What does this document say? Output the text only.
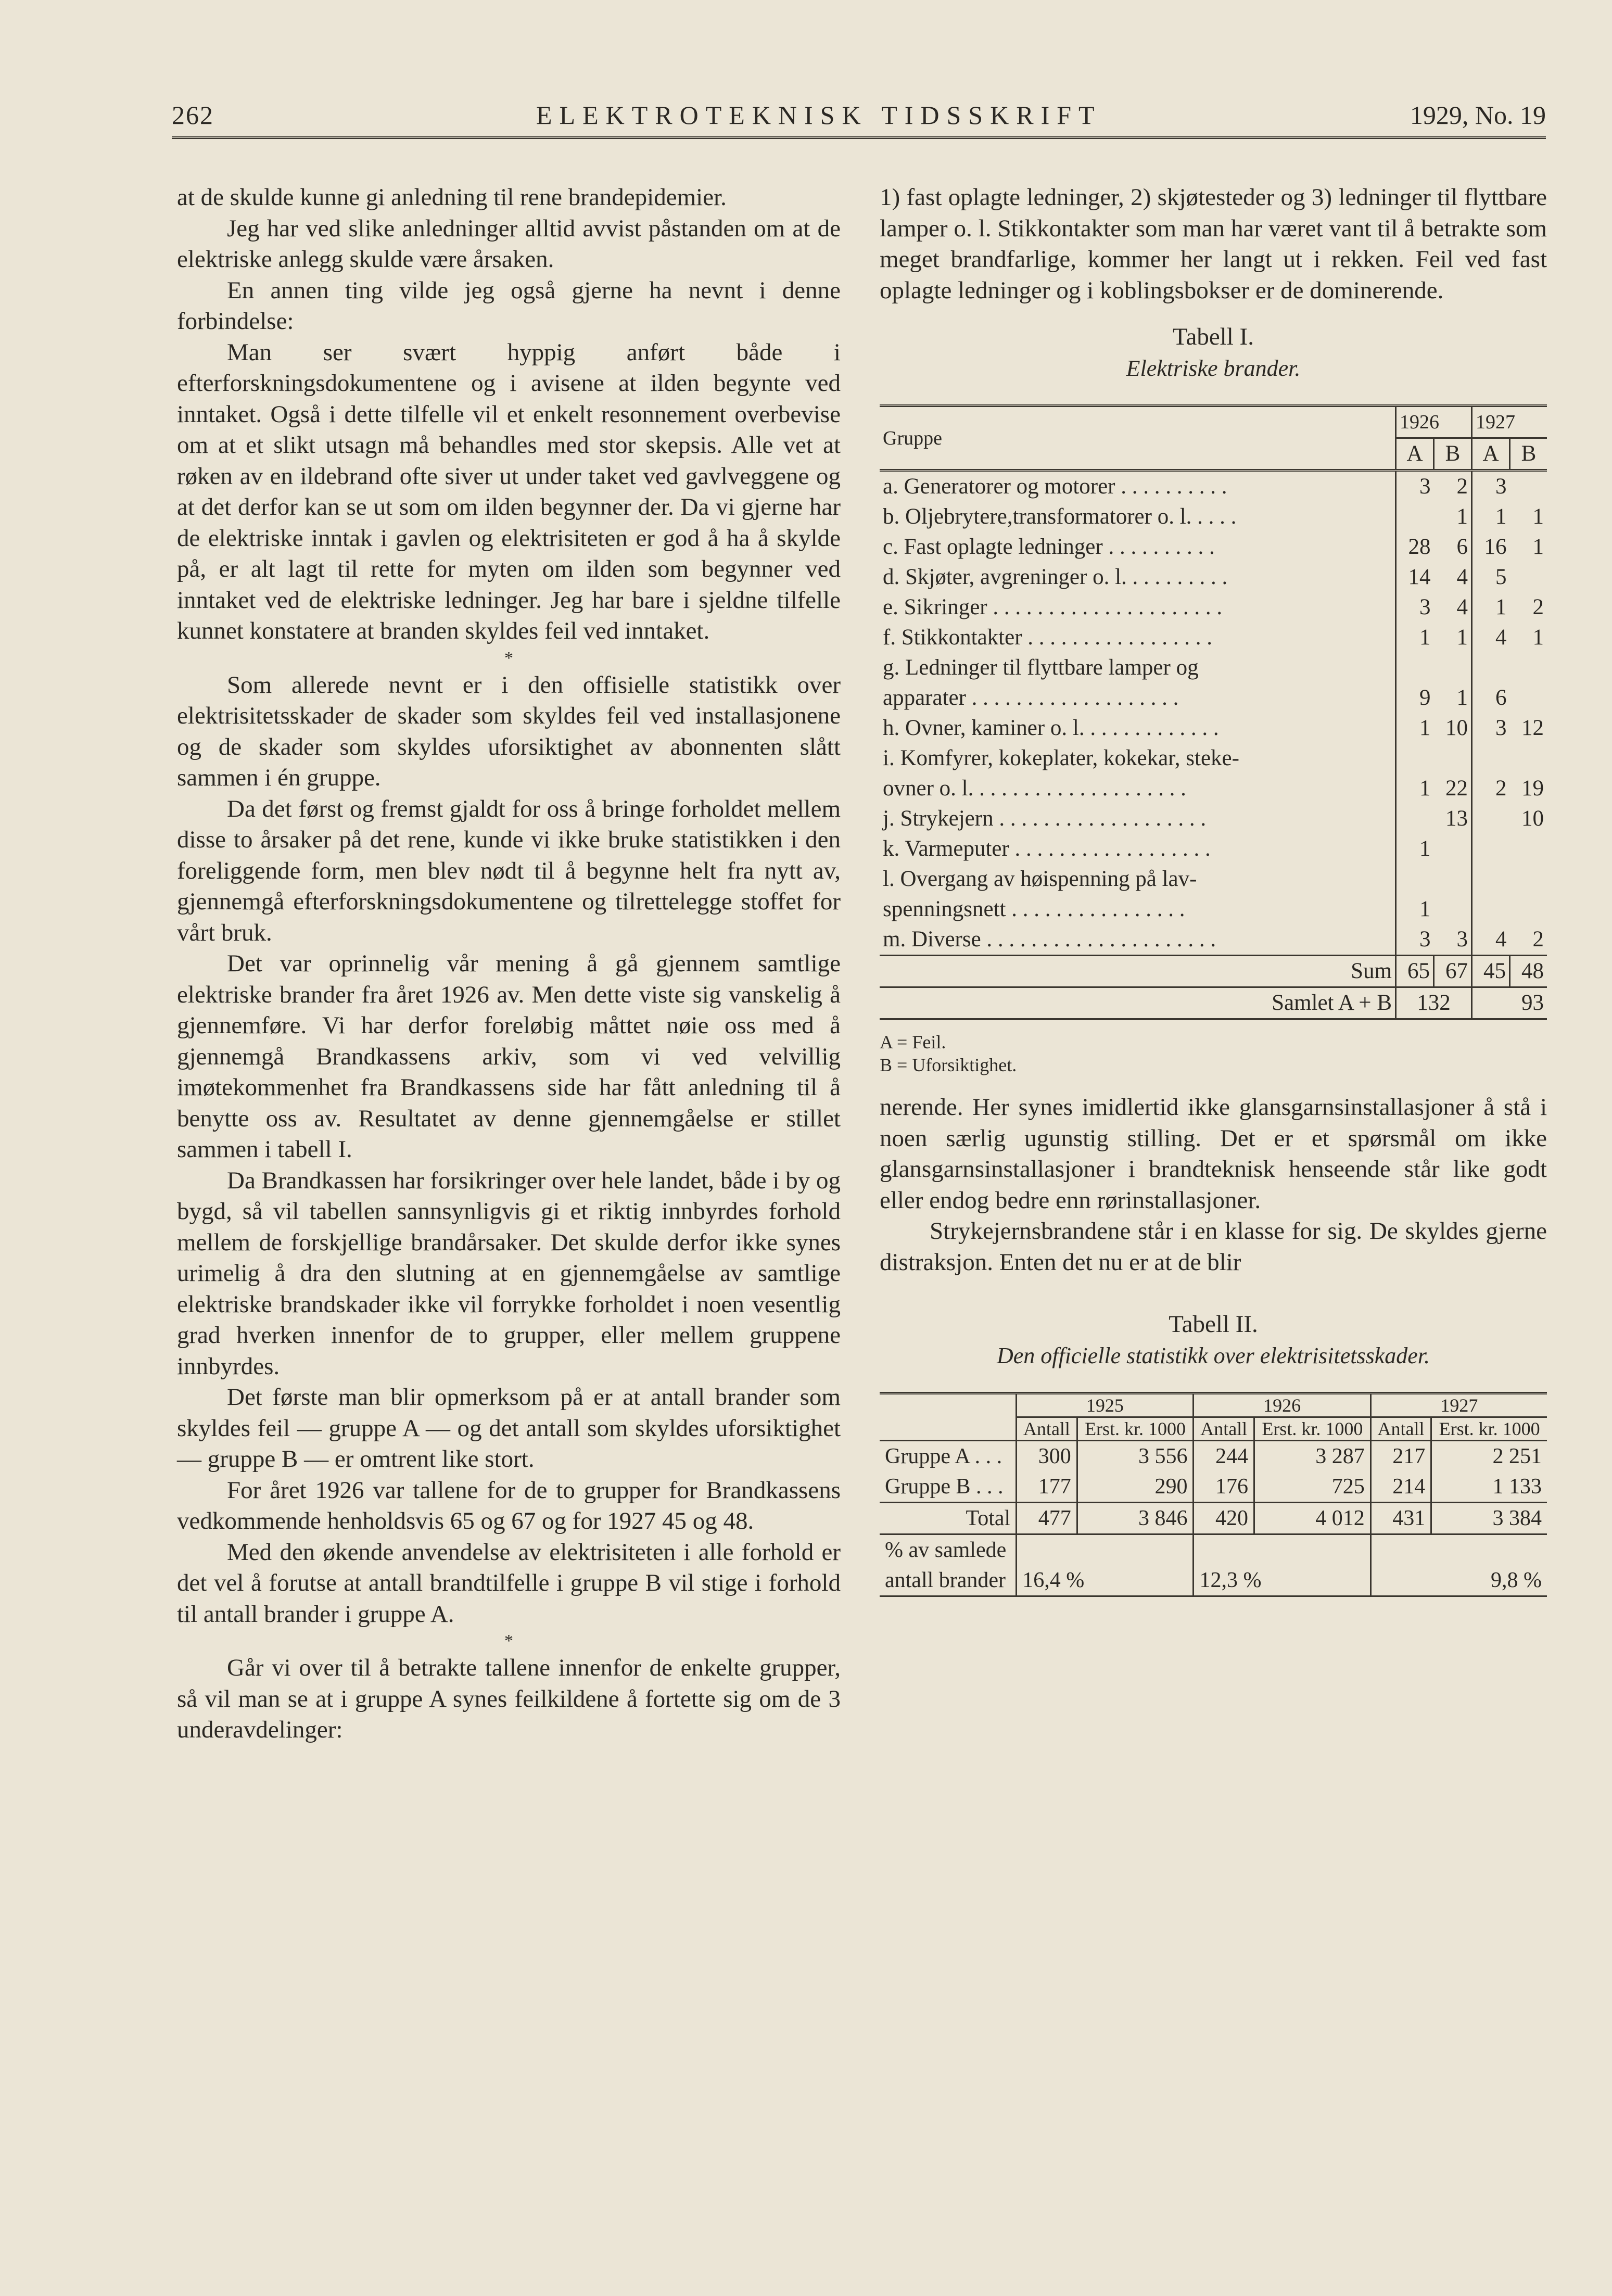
262	ELEKTROTEKNISK TIDSSKRIFT	1929, No. 19

at de skulde kunne gi anledning til rene brandepidemier.

Jeg har ved slike anledninger alltid avvist påstanden om at de elektriske anlegg skulde være årsaken.

En annen ting vilde jeg også gjerne ha nevnt i denne forbindelse:

Man ser svært hyppig anført både i efterforskningsdokumentene og i avisene at ilden begynte ved inntaket. Også i dette tilfelle vil et enkelt resonnement overbevise om at et slikt utsagn må behandles med stor skepsis. Alle vet at røken av en ildebrand ofte siver ut under taket ved gavlveggene og at det derfor kan se ut som om ilden begynner der. Da vi gjerne har de elektriske inntak i gavlen og elektrisiteten er god å ha å skylde på, er alt lagt til rette for myten om ilden som begynner ved inntaket ved de elektriske ledninger. Jeg har bare i sjeldne tilfelle kunnet konstatere at branden skyldes feil ved inntaket.

*

Som allerede nevnt er i den offisielle statistikk over elektrisitetsskader de skader som skyldes feil ved installasjonene og de skader som skyldes uforsiktighet av abonnenten slått sammen i én gruppe.

Da det først og fremst gjaldt for oss å bringe forholdet mellem disse to årsaker på det rene, kunde vi ikke bruke statistikken i den foreliggende form, men blev nødt til å begynne helt fra nytt av, gjennemgå efterforskningsdokumentene og tilrettelegge stoffet for vårt bruk.

Det var oprinnelig vår mening å gå gjennem samtlige elektriske brander fra året 1926 av. Men dette viste sig vanskelig å gjennemføre. Vi har derfor foreløbig måttet nøie oss med å gjennemgå Brandkassens arkiv, som vi ved velvillig imøtekommenhet fra Brandkassens side har fått anledning til å benytte oss av. Resultatet av denne gjennemgåelse er stillet sammen i tabell I.

Da Brandkassen har forsikringer over hele landet, både i by og bygd, så vil tabellen sannsynligvis gi et riktig innbyrdes forhold mellem de forskjellige brandårsaker. Det skulde derfor ikke synes urimelig å dra den slutning at en gjennemgåelse av samtlige elektriske brandskader ikke vil forrykke forholdet i noen vesentlig grad hverken innenfor de to grupper, eller mellem gruppene innbyrdes.

Det første man blir opmerksom på er at antall brander som skyldes feil — gruppe A — og det antall som skyldes uforsiktighet — gruppe B — er omtrent like stort.

For året 1926 var tallene for de to grupper for Brandkassens vedkommende henholdsvis 65 og 67 og for 1927 45 og 48.

Med den økende anvendelse av elektrisiteten i alle forhold er det vel å forutse at antall brandtilfelle i gruppe B vil stige i forhold til antall brander i gruppe A.

*

Går vi over til å betrakte tallene innenfor de enkelte grupper, så vil man se at i gruppe A synes feilkildene å fortette sig om de 3 underavdelinger:

1) fast oplagte ledninger, 2) skjøtesteder og 3) ledninger til flyttbare lamper o. l. Stikkontakter som man har været vant til å betrakte som meget brandfarlige, kommer her langt ut i rekken. Feil ved fast oplagte ledninger og i koblingsbokser er de dominerende.

Tabell I.
Elektriske brander.
Gruppe	1926		1927	
	A	B	A	B
a. Generatorer og motorer . . . . . . . . . .	3	2	3	
b. Oljebrytere,transformatorer o. l. . . . .		1	1	1
c. Fast oplagte ledninger . . . . . . . . . .	28	6	16	1
d. Skjøter, avgreninger o. l. . . . . . . . . .	14	4	5	
e. Sikringer . . . . . . . . . . . . . . . . . . . . .	3	4	1	2
f. Stikkontakter . . . . . . . . . . . . . . . . .	1	1	4	1
g. Ledninger til flyttbare lamper og				
apparater . . . . . . . . . . . . . . . . . . .	9	1	6	
h. Ovner, kaminer o. l. . . . . . . . . . . . .	1	10	3	12
i. Komfyrer, kokeplater, kokekar, steke-				
ovner o. l. . . . . . . . . . . . . . . . . . . .	1	22	2	19
j. Strykejern . . . . . . . . . . . . . . . . . . .		13		10
k. Varmeputer . . . . . . . . . . . . . . . . . .	1			
l. Overgang av høispenning på lav-				
spenningsnett . . . . . . . . . . . . . . . .	1			
m. Diverse . . . . . . . . . . . . . . . . . . . . .	3	3	4	2
Sum	65	67	45	48
Samlet A + B	132		93	
A = Feil.
B = Uforsiktighet.

nerende. Her synes imidlertid ikke glansgarnsinstallasjoner å stå i noen særlig ugunstig stilling. Det er et spørsmål om ikke glansgarnsinstallasjoner i brandteknisk henseende står like godt eller endog bedre enn rørinstallasjoner.

Strykejernsbrandene står i en klasse for sig. De skyldes gjerne distraksjon. Enten det nu er at de blir

Tabell II.
Den officielle statistikk over elektrisitetsskader.
	1925		1926		1927	
	Antall	Erst. kr. 1000	Antall	Erst. kr. 1000	Antall	Erst. kr. 1000
Gruppe A . . .	300	3 556	244	3 287	217	2 251
Gruppe B . . .	177	290	176	725	214	1 133
Total	477	3 846	420	4 012	431	3 384

% av samlede
antall brander	16,4 %		12,3 %		9,8 %	
